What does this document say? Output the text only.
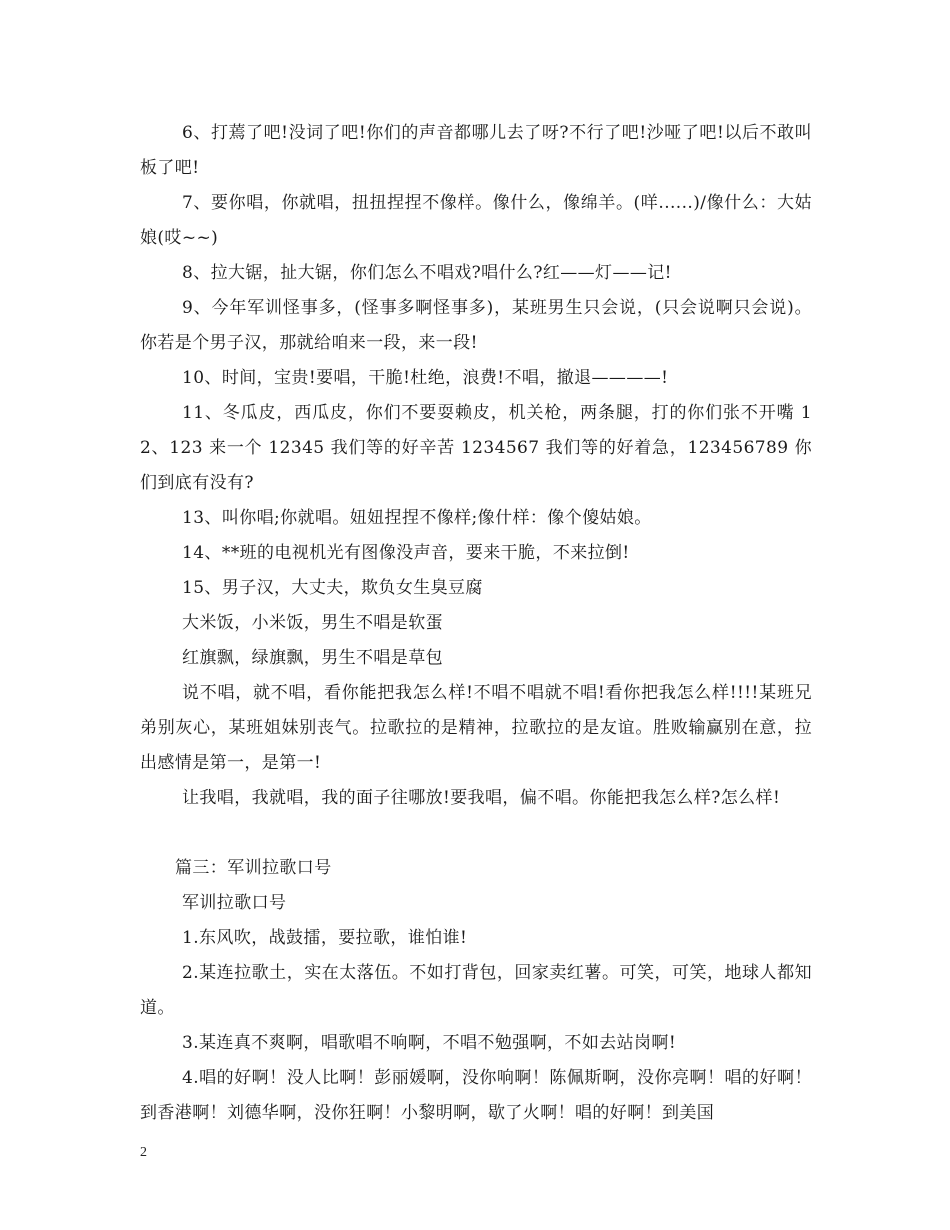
6、打蔫了吧!没词了吧!你们的声音都哪儿去了呀?不行了吧!沙哑了吧!以后不敢叫板了吧!

7、要你唱，你就唱，扭扭捏捏不像样。像什么，像绵羊。(咩......)/像什么：大姑娘(哎~~)

8、拉大锯，扯大锯，你们怎么不唱戏?唱什么?红——灯——记!

9、今年军训怪事多，(怪事多啊怪事多)，某班男生只会说，(只会说啊只会说)。你若是个男子汉，那就给咱来一段，来一段!

10、时间，宝贵!要唱，干脆!杜绝，浪费!不唱，撤退————!

11、冬瓜皮，西瓜皮，你们不要耍赖皮，机关枪，两条腿，打的你们张不开嘴 12、123 来一个 12345 我们等的好辛苦 1234567 我们等的好着急，123456789 你们到底有没有?

13、叫你唱;你就唱。妞妞捏捏不像样;像什样：像个傻姑娘。

14、**班的电视机光有图像没声音，要来干脆，不来拉倒!

15、男子汉，大丈夫，欺负女生臭豆腐

大米饭，小米饭，男生不唱是软蛋

红旗飘，绿旗飘，男生不唱是草包

说不唱，就不唱，看你能把我怎么样!不唱不唱就不唱!看你把我怎么样!!!!某班兄弟别灰心，某班姐妹别丧气。拉歌拉的是精神，拉歌拉的是友谊。胜败输赢别在意，拉出感情是第一，是第一!

让我唱，我就唱，我的面子往哪放!要我唱，偏不唱。你能把我怎么样?怎么样!

篇三：军训拉歌口号

军训拉歌口号

1.东风吹，战鼓擂，要拉歌，谁怕谁!

2.某连拉歌土，实在太落伍。不如打背包，回家卖红薯。可笑，可笑，地球人都知道。

3.某连真不爽啊，唱歌唱不响啊，不唱不勉强啊，不如去站岗啊!

4.唱的好啊！没人比啊！彭丽媛啊，没你响啊！陈佩斯啊，没你亮啊！唱的好啊！到香港啊！刘德华啊，没你狂啊！小黎明啊，歇了火啊！唱的好啊！到美国

2
